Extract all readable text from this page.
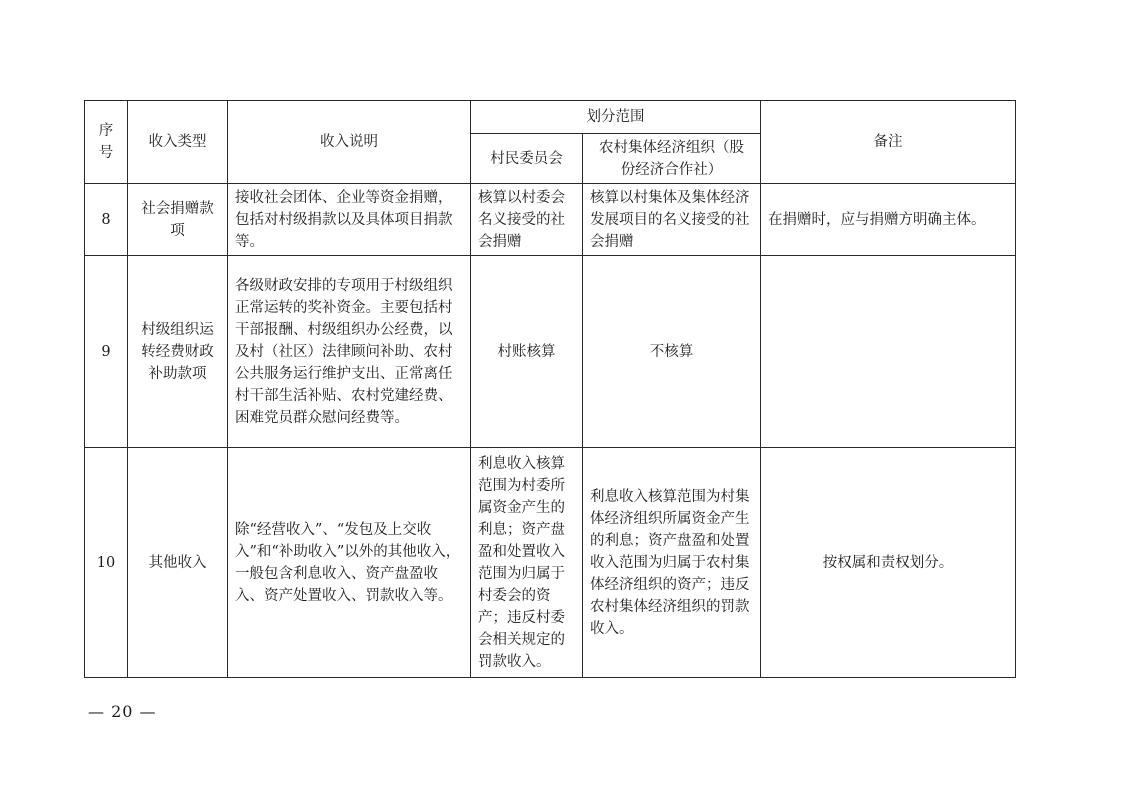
序号	收入类型	收入说明	划分范围		备注
			村民委员会	农村集体经济组织（股份经济合作社）	
8	社会捐赠款项	接收社会团体、企业等资金捐赠，包括对村级捐款以及具体项目捐款等。	核算以村委会名义接受的社会捐赠	核算以村集体及集体经济发展项目的名义接受的社会捐赠	在捐赠时，应与捐赠方明确主体。
9	村级组织运转经费财政补助款项	各级财政安排的专项用于村级组织正常运转的奖补资金。主要包括村干部报酬、村级组织办公经费，以及村（社区）法律顾问补助、农村公共服务运行维护支出、正常离任村干部生活补贴、农村党建经费、困难党员群众慰问经费等。	村账核算	不核算	
10	其他收入	除“经营收入”、“发包及上交收入”和“补助收入”以外的其他收入，一般包含利息收入、资产盘盈收入、资产处置收入、罚款收入等。	利息收入核算范围为村委所属资金产生的利息；资产盘盈和处置收入范围为归属于村委会的资产；违反村委会相关规定的罚款收入。	利息收入核算范围为村集体经济组织所属资金产生的利息；资产盘盈和处置收入范围为归属于农村集体经济组织的资产；违反农村集体经济组织的罚款收入。	按权属和责权划分。
— 20 —
